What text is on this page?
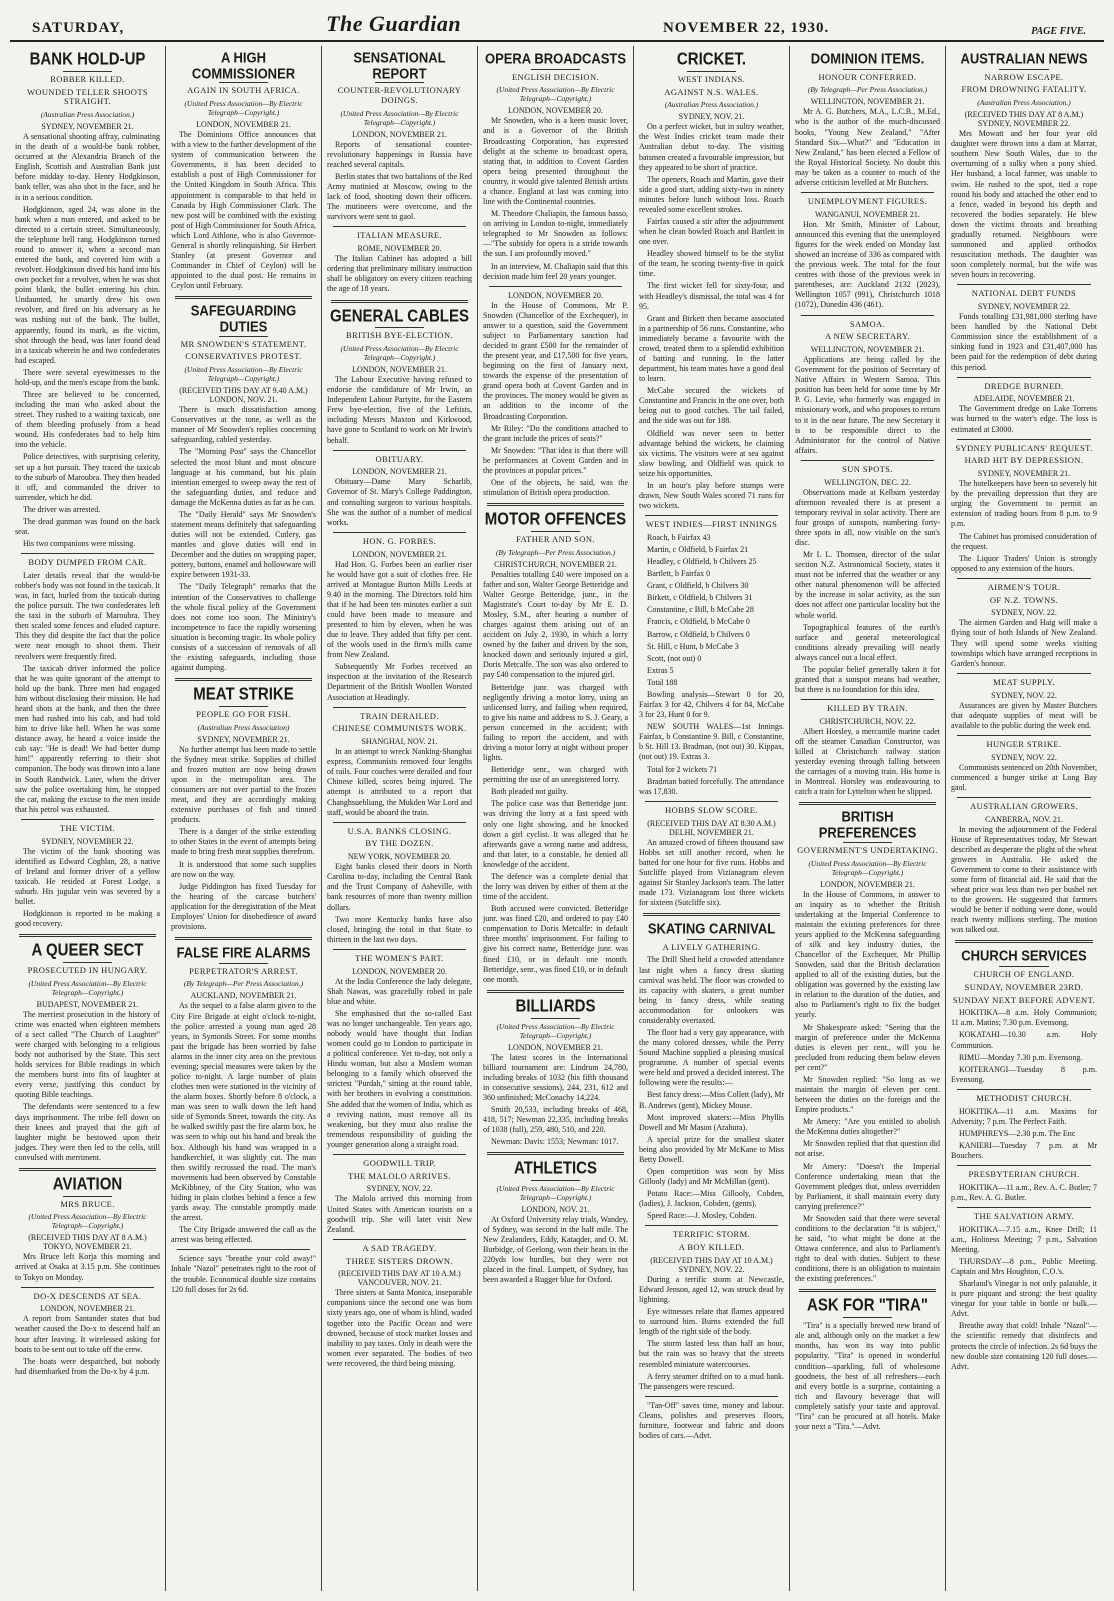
SATURDAY,	The Guardian	NOVEMBER 22, 1930.	PAGE FIVE.
BANK HOLD-UP
ROBBER KILLED.
WOUNDED TELLER SHOOTS STRAIGHT.
(Australian Press Association.)
SYDNEY, NOVEMBER 21.

A sensational shooting affray, culminating in the death of a would-be bank robber, occurred at the Alexandria Branch of the English, Scottish and Australian Bank just before midday to-day. Henry Hodgkinson, bank teller, was also shot in the face, and he is in a serious condition.

Hodgkinson, aged 24, was alone in the bank when a man entered, and asked to be directed to a certain street. Simultaneously, the telephone bell rang. Hodgkinson turned round to answer it, when a second man entered the bank, and covered him with a revolver. Hodgkinson dived his hand into his own pocket for a revolver, when he was shot point blank, the bullet entering his chin. Undaunted, he smartly drew his own revolver, and fired on his adversary as he was rushing out of the bank. The bullet, apparently, found its mark, as the victim, shot through the head, was later found dead in a taxicab wherein he and two confederates had escaped.

There were several eyewitnesses to the hold-up, and the men's escape from the bank.

Three are believed to be concerned, including the man who asked about the street. They rushed to a waiting taxicab, one of them bleeding profusely from a head wound. His confederates had to help him into the vehicle.

Police detectives, with surprising celerity, set up a hot pursuit. They traced the taxicab to the suburb of Maroubra. They then headed it off, and commanded the driver to surrender, which he did.

The driver was arrested.

The dead gunman was found on the back seat.

His two companions were missing.

BODY DUMPED FROM CAR.

Later details reveal that the would-be robber's body was not found in the taxicab. It was, in fact, hurled from the taxicab during the police pursuit. The two confederates left the taxi in the suburb of Maroubra. They then scaled some fences and eluded capture. This they did despite the fact that the police were near enough to shoot them. Their revolvers were frequently fired.

The taxicab driver informed the police that he was quite ignorant of the attempt to hold up the bank. Three men had engaged him without disclosing their mission. He had heard shots at the bank, and then the three men had rushed into his cab, and had told him to drive like hell. When he was some distance away, he heard a voice inside the cab say: "He is dead! We had better dump him!" apparently referring to their shot companion. The body was thrown into a lane in South Randwick. Later, when the driver saw the police overtaking him, he stopped the car, making the excuse to the men inside that his petrol was exhausted.

THE VICTIM.
SYDNEY, NOVEMBER 22.

The victim of the bank shooting was identified as Edward Coghlan, 28, a native of Ireland and former driver of a yellow taxicab. He resided at Forest Lodge, a suburb. His jugular vein was severed by a bullet.

Hodgkinson is reported to be making a good recovery.

A QUEER SECT
PROSECUTED IN HUNGARY.
(United Press Association—By Electric Telegraph—Copyright.)
BUDAPEST, NOVEMBER 21.

The merriest prosecution in the history of crime was enacted when eighteen members of a sect called "The Church of Laughter" were charged with belonging to a religious body not authorised by the State. This sect holds services for Bible readings in which the members burst into fits of laughter at every verse, justifying this conduct by quoting Bible teachings.

The defendants were sentenced to a few days imprisonment. The tribe fell down on their knees and prayed that the gift of laughter might be bestowed upon their judges. They were then led to the cells, still convulsed with merriment.

AVIATION
MRS BRUCE.
(United Press Association—By Electric Telegraph—Copyright.)
(RECEIVED THIS DAY AT 8 A.M.) TOKYO, NOVEMBER 21.

Mrs Bruce left Korja this morning and arrived at Osaka at 3.15 p.m. She continues to Tokyo on Monday.

DO-X DESCENDS AT SEA.
LONDON, NOVEMBER 21.

A report from Santander states that bad weather caused the Do-x to descend half an hour after leaving. It wirelessed asking for boats to be sent out to take off the crew.

The boats were despatched, but nobody had disembarked from the Do-x by 4 p.m.

A HIGH COMMISSIONER
AGAIN IN SOUTH AFRICA.
(United Press Association—By Electric Telegraph—Copyright.)
LONDON, NOVEMBER 21.

The Dominions Office announces that with a view to the further development of the system of communication between the Governments, it has been decided to establish a post of High Commissioner for the United Kingdom in South Africa. This appointment is comparable to that held in Canada by High Commissioner Clark. The new post will be combined with the existing post of High Commissioner for South Africa, which Lord Athlone, who is also Governor-General is shortly relinquishing. Sir Herbert Stanley (at present Governor and Commander in Chief of Ceylon) will be appointed to the dual post. He remains in Ceylon until February.

SAFEGUARDING DUTIES
MR SNOWDEN'S STATEMENT.
CONSERVATIVES PROTEST.
(United Press Association—By Electric Telegraph—Copyright.)
(RECEIVED THIS DAY AT 9.40 A.M.) LONDON, NOV. 21.

There is much dissatisfaction among Conservatives at the tone, as well as the manner of Mr Snowden's replies concerning safeguarding, cabled yesterday.

The "Morning Post" says the Chancellor selected the most blunt and most obscure language at his command, but his plain intention emerged to sweep away the rest of the safeguarding duties, and reduce and damage the McKenna duties as far as he can.

The "Daily Herald" says Mr Snowden's statement means definitely that safeguarding duties will not be extended. Cutlery, gas mantles and glove duties will end in December and the duties on wrapping paper, pottery, buttons, enamel and hollowware will expire between 1931-33.

The "Daily Telegraph" remarks that the intention of the Conservatives to challenge the whole fiscal policy of the Government does not come too soon. The Ministry's incompetence to face the rapidly worsening situation is becoming tragic. Its whole policy consists of a succession of removals of all the existing safeguards, including those against dumping.

MEAT STRIKE
PEOPLE GO FOR FISH.
(Australian Press Association)
SYDNEY, NOVEMBER 21.

No further attempt has been made to settle the Sydney meat strike. Supplies of chilled and frozen mutton are now being drawn upon in the metropolitan area. The consumers are not over partial to the frozen meat, and they are accordingly making extensive purchases of fish and tinned products.

There is a danger of the strike extending to other States in the event of attempts being made to bring fresh meat supplies therefrom.

It is understood that some such supplies are now on the way.

Judge Piddington has fixed Tuesday for the hearing of the carcase butchers' application for the deregistration of the Meat Employes' Union for disobedience of award provisions.

FALSE FIRE ALARMS
PERPETRATOR'S ARREST.
(By Telegraph—Per Press Association.)
AUCKLAND, NOVEMBER 21.

As the sequel to a false alarm given to the City Fire Brigade at eight o'clock to-night, the police arrested a young man aged 28 years, in Symonds Street. For some months past the brigade has been worried by false alarms in the inner city area on the previous evening; special measures were taken by the police to-night. A large number of plain clothes men were stationed in the vicinity of the alarm boxes. Shortly before 8 o'clock, a man was seen to walk down the left hand side of Symonds Street, towards the city. As he walked swiftly past the fire alarm box, he was seen to whip out his hand and break the box. Although his hand was wrapped in a handkerchief, it was slightly cut. The man then swiftly recrossed the road. The man's movements had been observed by Constable McKibbney, of the City Station, who was hiding in plain clothes behind a fence a few yards away. The constable promptly made the arrest.

The City Brigade answered the call as the arrest was being effected.

Science says "breathe your cold away!" Inhale "Nazol" penetrates right to the root of the trouble. Economical double size contains 120 full doses for 2s 6d.

SENSATIONAL REPORT
COUNTER-REVOLUTIONARY DOINGS.
(United Press Association—By Electric Telegraph—Copyright.)
LONDON, NOVEMBER 21.

Reports of sensational counter-revolutionary happenings in Russia have reached several capitals.

Berlin states that two battalions of the Red Army mutinied at Moscow, owing to the lack of food, shooting down their officers. The mutineers were overcome, and the survivors were sent to gaol.

ITALIAN MEASURE.
ROME, NOVEMBER 20.

The Italian Cabinet has adopted a bill ordering that preliminary military instruction shall be obligatory on every citizen reaching the age of 18 years.

GENERAL CABLES
BRITISH BYE-ELECTION.
(United Press Association—By Electric Telegraph—Copyright.)
LONDON, NOVEMBER 21.

The Labour Executive having refused to endorse the candidature of Mr Irwin, an Independent Labour Partyite, for the Eastern Frew bye-election, five of the Leftists, including Messrs Maxton and Kirkwood, have gone to Scotland to work on Mr Irwin's behalf.

OBITUARY.
LONDON, NOVEMBER 21.

Obituary—Dame Mary Scharlib, Governor of St. Mary's College Paddington, and consulting surgeon to various hospitals. She was the author of a number of medical works.

HON. G. FORBES.
LONDON, NOVEMBER 21.

Had Hon. G. Forbes been an earlier riser he would have got a suit of clothes free. He arrived at Montague Burton Mills Leeds at 9.40 in the morning. The Directors told him that if he had been ten minutes earlier a suit could have been made to measure and presented to him by eleven, when he was due to leave. They added that fifty per cent. of the wools used in the firm's mills came from New Zealand.

Subsequently Mr Forbes received an inspection at the invitation of the Research Department of the British Woollen Worsted Association at Headingly.

TRAIN DERAILED.
CHINESE COMMUNISTS WORK.
SHANGHAI, NOV. 21.

In an attempt to wreck Nanking-Shanghai express, Communists removed four lengths of rails. Four coaches were derailed and four Chinese killed, scores being injured. The attempt is attributed to a report that Changhsuehliang, the Mukden War Lord and staff, would be aboard the train.

U.S.A. BANKS CLOSING.
BY THE DOZEN.
NEW YORK, NOVEMBER 20.

Eight banks closed their doors in North Carolina to-day, including the Central Bank and the Trust Company of Asheville, with bank resources of more than twenty million dollars.

Two more Kentucky banks have also closed, bringing the total in that State to thirteen in the last two days.

THE WOMEN'S PART.
LONDON, NOVEMBER 20.

At the India Conference the lady delegate, Shah Nawas, was gracefully robed in pale blue and white.

She emphasised that the so-called East was no longer unchangeable. Ten years ago, nobody would have thought that Indian women could go to London to participate in a political conference. Yet to-day, not only a Hindu woman, but also a Moslem woman belonging to a family which observed the strictest "Purdah," sitting at the round table, with her brothers in evolving a constitution. She added that the women of India, which as a reviving nation, must remove all its weakening, but they must also realise the tremendous responsibility of guiding the younger generation along a straight road.

GOODWILL TRIP.
THE MALOLO ARRIVES.
SYDNEY, NOV. 22.

The Malolo arrived this morning from United States with American tourists on a goodwill trip. She will later visit New Zealand.

A SAD TRAGEDY.
THREE SISTERS DROWN.
(RECEIVED THIS DAY AT 10 A.M.) VANCOUVER, NOV. 21.

Three sisters at Santa Monica, inseparable companions since the second one was born sixty years ago, one of whom is blind, waded together into the Pacific Ocean and were drowned, because of stock market losses and inability to pay taxes. Only in death were the women ever separated. The bodies of two were recovered, the third being missing.

OPERA BROADCASTS
ENGLISH DECISION.
(United Press Association—By Electric Telegraph—Copyright.)
LONDON, NOVEMBER 20.

Mr Snowden, who is a keen music lover, and is a Governor of the British Broadcasting Corporation, has expressed delight at the scheme to broadcast opera, stating that, in addition to Covent Garden opera being presented throughout the country, it would give talented British artists a chance. England at last was coming into line with the Continental countries.

M. Theodore Chaliapin, the famous basso, on arriving in London to-night, immediately telegraphed to Mr Snowden as follows:—"The subsidy for opera is a stride towards the sun. I am profoundly moved."

In an interview, M. Chaliapin said that this decision made him feel 20 years younger.

LONDON, NOVEMBER 20.

In the House of Commons, Mr P. Snowden (Chancellor of the Exchequer), in answer to a question, said the Government subject to Parliamentary sanction had decided to grant £500 for the remainder of the present year, and £17,500 for five years, beginning on the first of January next, towards the expense of the presentation of grand opera both at Covent Garden and in the provinces. The money would be given as an addition to the income of the Broadcasting Corporation.

Mr Riley: "Do the conditions attached to the grant include the prices of seats?"

Mr Snowden: "That idea is that there will be performances at Covent Garden and in the provinces at popular prices."

One of the objects, he said, was the stimulation of British opera production.

MOTOR OFFENCES
FATHER AND SON.
(By Telegraph—Per Press Association.)
CHRISTCHURCH, NOVEMBER 21.

Penalties totalling £40 were imposed on a father and son, Walter George Betteridge and Walter George Betteridge, junr., in the Magistrate's Court to-day by Mr E. D. Mosley, S.M., after hearing a number of charges against them arising out of an accident on July 2, 1930, in which a lorry owned by the father and driven by the son, knocked down and seriously injured a girl, Doris Metcalfe. The son was also ordered to pay £40 compensation to the injured girl.

Betteridge junr. was charged with negligently driving a motor lorry, using an unlicensed lorry, and failing when required, to give his name and address to S. J. Geary, a person concerned in the accident; with failing to report the accident, and with driving a motor lorry at night without proper lights.

Betteridge senr., was charged with permitting the use of an unregistered lorry.

Both pleaded not guilty.

The police case was that Betteridge junr. was driving the lorry at a fast speed with only one light showing, and he knocked down a girl cyclist. It was alleged that he afterwards gave a wrong name and address, and that later, to a constable, he denied all knowledge of the accident.

The defence was a complete denial that the lorry was driven by either of them at the time of the accident.

Both accused were convicted. Betteridge junr. was fined £20, and ordered to pay £40 compensation to Doris Metcalfe: in default three months' imprisonment. For failing to give his correct name, Betteridge junr. was fined £10, or in default one month. Betteridge, senr., was fined £10, or in default one month.

BILLIARDS
(United Press Association—By Electric Telegraph—Copyright.)
LONDON, NOVEMBER 21.

The latest scores in the International billiard tournament are: Lindrum 24,780, including breaks of 1032 (his fifth thousand in consecutive sessions), 244, 231, 612 and 360 unfinished; McConachy 14,224.

Smith 20,533, including breaks of 468, 418, 517; Newman 22,335, including breaks of 1038 (full), 259, 480, 510, and 220.

Newman: Davis: 1553; Newman: 1017.

ATHLETICS
(United Press Association—By Electric Telegraph—Copyright.)
LONDON, NOV. 21.

At Oxford University relay trials, Wandey, of Sydney, was second in the half mile. The New Zealanders, Eddy, Kataqder, and O. M. Burbidge, of Geelong, won their heats in the 220yds low hurdles, but they were not placed in the final. Lumpett, of Sydney, has been awarded a Rugger blue for Oxford.

CRICKET.
WEST INDIANS.
AGAINST N.S. WALES.
(Australian Press Association.)
SYDNEY, NOV. 21.

On a perfect wicket, but in sultry weather, the West Indies cricket team made their Australian debut to-day. The visiting batsmen created a favourable impression, but they appeared to be short of practice.

The openers, Roach and Martin, gave their side a good start, adding sixty-two in ninety minutes before lunch without loss. Roach revealed some excellent strokes.

Fairfax caused a stir after the adjournment when he clean bowled Roach and Bartlett in one over.

Headley showed himself to be the stylist of the team, he scoring twenty-five in quick time.

The first wicket fell for sixty-four, and with Headley's dismissal, the total was 4 for 95.

Grant and Birkett then became associated in a partnership of 56 runs. Constantine, who immediately became a favourite with the crowd, treated them to a splendid exhibition of batting and running. In the latter department, his team mates have a good deal to learn.

McCabe secured the wickets of Constantine and Francis in the one over, both being out to good catches. The tail failed, and the side was out for 188.

Oldfield was never seen to better advantage behind the wickets, he claiming six victims. The visitors were at sea against slow bowling, and Oldfield was quick to seize his opportunities.

In an hour's play before stumps were drawn, New South Wales scored 71 runs for two wickets.

WEST INDIES—FIRST INNINGS

Roach, b Fairfax 43

Martin, c Oldfield, b Fairfax 21

Headley, c Oldfield, b Chilvers 25

Bartlett, b Fairfax 0

Grant, c Oldfield, b Chilvers 30

Birkett, c Oldfield, b Chilvers 31

Constantine, c Bill, b McCabe 28

Francis, c Oldfield, b McCabe 0

Barrow, c Oldfield, b Chilvers 0

St. Hill, c Hunt, b McCabe 3

Scott, (not out) 0

Extras 5

Total 188

Bowling analysis—Stewart 0 for 20, Fairfax 3 for 42, Chilvers 4 for 84, McCabe 3 for 23, Hunt 0 for 9.

NEW SOUTH WALES—1st Innings. Fairfax, b Constantine 9. Bill, c Constantine, b St. Hill 13. Bradman, (not out) 30. Kippax, (not out) 19. Extras 3.

Total for 2 wickets 71

Bradman batted forcefully. The attendance was 17,830.

HOBBS SLOW SCORE.
(RECEIVED THIS DAY AT 8.30 A.M.) DELHI, NOVEMBER 21.

An amazed crowd of fifteen thousand saw Hobbs set still another record, when he batted for one hour for five runs. Hobbs and Sutcliffe played from Vizianagram eleven against Sir Stanley Jackson's team. The latter made 173. Vizianagram lost three wickets for sixteen (Sutcliffe six).

SKATING CARNIVAL
A LIVELY GATHERING.

The Drill Shed held a crowded attendance last night when a fancy dress skating carnival was held. The floor was crowded to its capacity with skaters, a great number being in fancy dress, while seating accommodation for onlookers was considerably overtaxed.

The floor had a very gay appearance, with the many colored dresses, while the Perry Sound Machine supplied a pleasing musical programme. A number of special events were held and proved a decided interest. The following were the results:—

Best fancy dress:—Miss Collett (lady), Mr B. Andrews (gent), Mickey Mouse.

Most improved skaters:—Miss Phyllis Dowell and Mr Mason (Arahura).

A special prize for the smallest skater being also provided by Mr McKane to Miss Betty Dowell.

Open competition was won by Miss Gillooly (lady) and Mr McMillan (gent).

Potato Race:—Miss Gillooly, Cobden, (ladies), J. Jackson, Cobden, (gents).

Speed Race:—J. Mosley, Cobden.

TERRIFIC STORM.
A BOY KILLED.
(RECEIVED THIS DAY AT 10 A.M.) SYDNEY, NOV. 22.

During a terrific storm at Newcastle, Edward Jenson, aged 12, was struck dead by lightning.

Eye witnesses relate that flames appeared to surround him. Burns extended the full length of the right side of the body.

The storm lasted less than half an hour, but the rain was so heavy that the streets resembled miniature watercourses.

A ferry steamer drifted on to a mud bank. The passengers were rescued.

"Tan-Off" saves time, money and labour. Cleans, polishes and preserves floors, furniture, footwear and fabric and doors bodies of cars.—Advt.

DOMINION ITEMS.
HONOUR CONFERRED.
(By Telegraph—Per Press Association.)
WELLINGTON, NOVEMBER 21.

Mr A. G. Butchers, M.A., L.C.B., M.Ed., who is the author of the much-discussed books, "Young New Zealand," "After Standard Six—What?" and "Education in New Zealand," has been elected a Fellow of the Royal Historical Society. No doubt this may be taken as a counter to much of the adverse criticism levelled at Mr Butchers.

UNEMPLOYMENT FIGURES.
WANGANUI, NOVEMBER 21.

Hon. Mr Smith, Minister of Labour, announced this evening that the unemployed figures for the week ended on Monday last showed an increase of 336 as compared with the previous week. The total for the four centres with those of the previous week in parentheses, are: Auckland 2132 (2023), Wellington 1057 (991), Christchurch 1018 (1072), Dunedin 436 (461).

SAMOA.
A NEW SECRETARY.
WELLINGTON, NOVEMBER 21.

Applications are being called by the Government for the position of Secretary of Native Affairs in Western Samoa. This position has been held for some time by Mr P. G. Levie, who formerly was engaged in missionary work, and who proposes to return to it in the near future. The new Secretary it is to be responsible direct to the Administrator for the control of Native affairs.

SUN SPOTS.
WELLINGTON, DEC. 22.

Observations made at Kelburn yesterday afternoon revealed there is at present a temporary revival in solar activity. There are four groups of sunspots, numbering forty-three spots in all, now visible on the sun's disc.

Mr I. L. Thomsen, director of the solar section N.Z. Astronomical Society, states it must not be inferred that the weather or any other natural phenomenon will be affected by the increase in solar activity, as the sun does not affect one particular locality but the whole world.

Topographical features of the earth's surface and general meteorological conditions already prevailing will nearly always cancel out a local effect.

The popular belief generally taken it for granted that a sunspot means bad weather, but there is no foundation for this idea.

KILLED BY TRAIN.
CHRISTCHURCH, NOV. 22.

Albert Horsley, a mercantile marine cadet off the steamer Canadian Constructor, was killed at Christchurch railway station yesterday evening through falling between the carriages of a moving train. His home is in Montreal. Horsley was endeavouring to catch a train for Lyttelton when he slipped.

BRITISH PREFERENCES
GOVERNMENT'S UNDERTAKING.
(United Press Association—By Electric Telegraph—Copyright.)
LONDON, NOVEMBER 21.

In the House of Commons, in answer to an inquiry as to whether the British undertaking at the Imperial Conference to maintain the existing preferences for three years applied to the McKenna safeguarding of silk and key industry duties, the Chancellor of the Exchequer, Mr Phillip Snowden, said that the British declaration applied to all of the existing duties, but the obligation was governed by the existing law in relation to the duration of the duties, and also to Parliament's right to fix the budget yearly.

Mr Shakespeare asked: "Seeing that the margin of preference under the McKenna duties is eleven per cent., will you be precluded from reducing them below eleven per cent?"

Mr Snowden replied: "So long as we maintain the margin of eleven per cent. between the duties on the foreign and the Empire products."

Mr Amery: "Are you entitled to abolish the McKenna duties altogether?"

Mr Snowden replied that that question did not arise.

Mr Amery: "Doesn't the Imperial Conference undertaking mean that the Government pledges that, unless overridden by Parliament, it shall maintain every duty carrying preference?"

Mr Snowden said that there were several conditions to the declaration "it is subject," he said, "to what might be done at the Ottawa conference, and also to Parliament's right to deal with duties. Subject to these conditions, there is an obligation to maintain the existing preferences."

ASK FOR "TIRA"

"Tira" is a specially brewed new brand of ale and, although only on the market a few months, has won its way into public popularity. "Tira" is opened in wonderful condition—sparkling, full of wholesome goodness, the best of all refreshers—each and every bottle is a surprise, containing a rich and flavoury beverage that will completely satisfy your taste and approval. "Tira" can be procured at all hotels. Make your next a "Tira."—Advt.

AUSTRALIAN NEWS
NARROW ESCAPE.
FROM DROWNING FATALITY.
(Australian Press Association.)
(RECEIVED THIS DAY AT 8 A.M.) SYDNEY, NOVEMBER 22.

Mrs Mowatt and her four year old daughter were thrown into a dam at Marrar, southern New South Wales, due to the overturning of a sulky when a pony shied. Her husband, a local farmer, was unable to swim. He rushed to the spot, tied a rope round his body and attached the other end to a fence, waded in beyond his depth and recovered the bodies separately. He blew down the victims throats and breathing gradually returned. Neighbours were summoned and applied orthodox resuscitation methods. The daughter was soon completely normal, but the wife was seven hours in recovering.

NATIONAL DEBT FUNDS
SYDNEY, NOVEMBER 22.

Funds totalling £31,981,000 sterling have been handled by the National Debt Commission since the establishment of a sinking fund in 1923 and £31,407,000 has been paid for the redemption of debt during this period.

DREDGE BURNED.
ADELAIDE, NOVEMBER 21.

The Government dredge on Lake Torrens was burned to the water's edge. The loss is estimated at £3000.

SYDNEY PUBLICANS' REQUEST.
HARD HIT BY DEPRESSION.
SYDNEY, NOVEMBER 21.

The hotelkeepers have been so severely hit by the prevailing depression that they are urging the Government to permit an extension of trading hours from 8 p.m. to 9 p.m.

The Cabinet has promised consideration of the request.

The Liquor Traders' Union is strongly opposed to any extension of the hours.

AIRMEN'S TOUR.
OF N.Z. TOWNS.
SYDNEY, NOV. 22.

The airmen Garden and Haig will make a flying tour of both Islands of New Zealand. They will spend some weeks visiting townships which have arranged receptions in Garden's honour.

MEAT SUPPLY.
SYDNEY, NOV. 22.

Assurances are given by Master Butchers that adequate supplies of meat will be available to the public during the week end.

HUNGER STRIKE.
SYDNEY, NOV. 22.

Communists sentenced on 20th November, commenced a hunger strike at Long Bay gaol.

AUSTRALIAN GROWERS.
CANBERRA, NOV. 21.

In moving the adjournment of the Federal House of Representatives today, Mr Stewart described as desperate the plight of the wheat growers in Australia. He asked the Government to come to their assistance with some form of financial aid. He said that the wheat price was less than two per bushel net to the growers. He suggested that farmers would be better if nothing were done, would reach twenty millions sterling. The motion was talked out.

CHURCH SERVICES
CHURCH OF ENGLAND.
SUNDAY, NOVEMBER 23RD.
SUNDAY NEXT BEFORE ADVENT.

HOKITIKA—8 a.m. Holy Communion; 11 a.m. Matins; 7.30 p.m. Evensong.

KOKATAHI—10.30 a.m. Holy Communion.

RIMU—Monday 7.30 p.m. Evensong.

KOITERANGI—Tuesday 8 p.m. Evensong.

METHODIST CHURCH.

HOKITIKA—11 a.m. Maxims for Adversity; 7 p.m. The Perfect Faith.

HUMPHREYS—2.30 p.m. The Enc

KANIERI—Tuesday 7 p.m. at Mr Bouchers.

PRESBYTERIAN CHURCH.

HOKITIKA—11 a.m., Rev. A. C. Butler; 7 p.m., Rev. A. G. Butler.

THE SALVATION ARMY.

HOKITIKA—7.15 a.m., Knee Drill; 11 a.m., Holiness Meeting; 7 p.m., Salvation Meeting.

THURSDAY—8 p.m., Public Meeting. Captain and Mrs Houghton, C.O.'s.

Sharland's Vinegar is not only palatable, it is pure piquant and strong: the best quality vinegar for your table in bottle or bulk.—Advt.

Breathe away that cold! Inhale "Nazol"—the scientific remedy that disinfects and protects the circle of infection. 2s 6d buys the new double size containing 120 full doses.—Advt.
